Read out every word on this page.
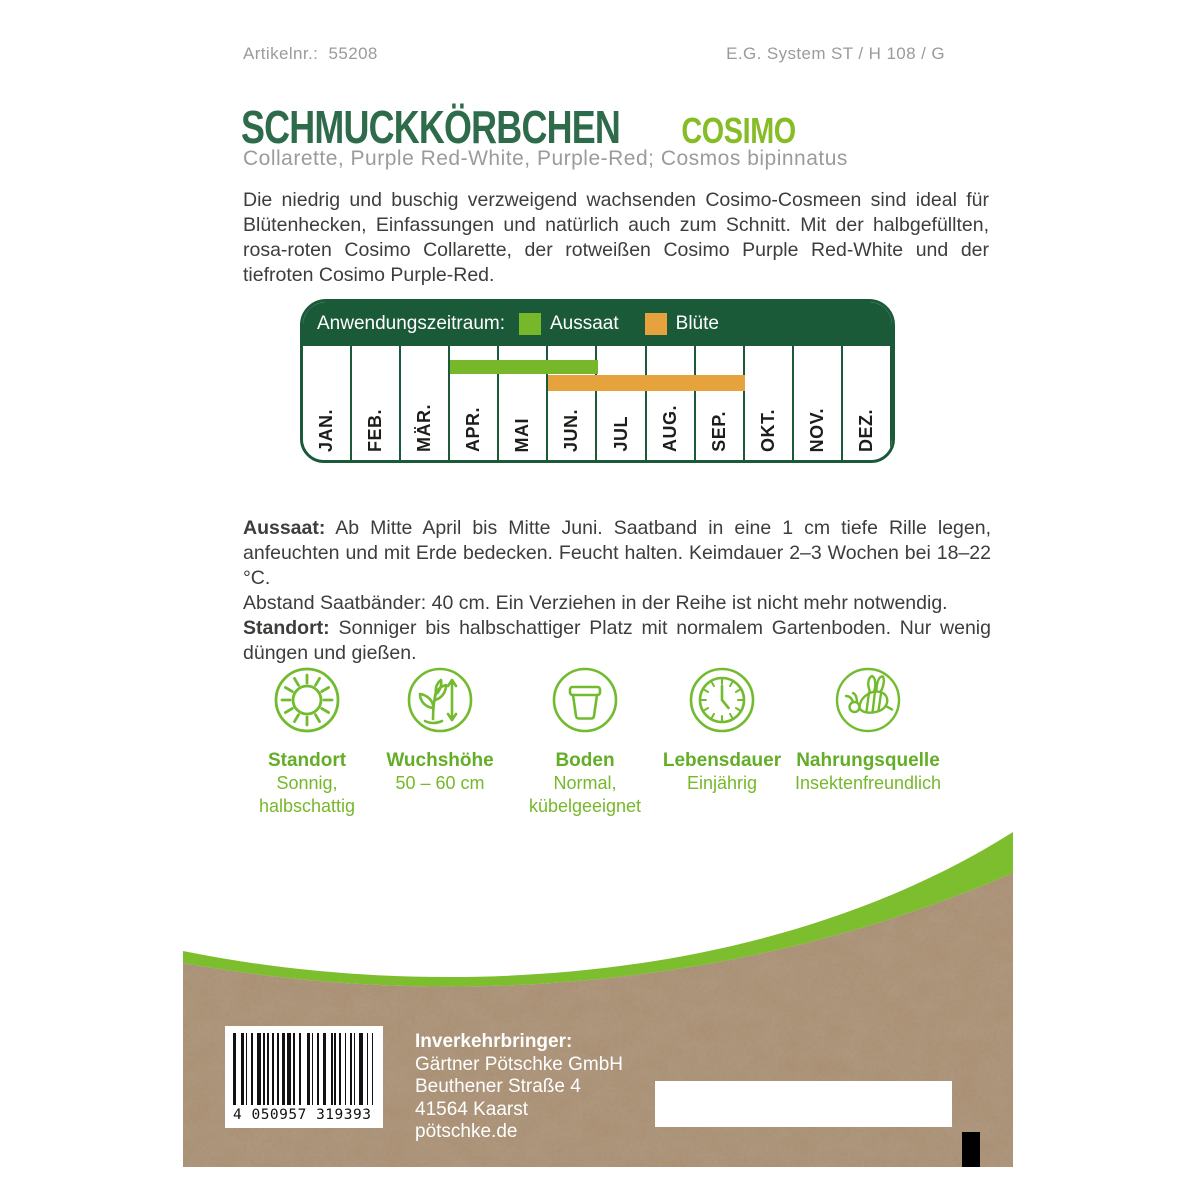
Artikelnr.: 55208	E.G. System ST / H 108 / G
SCHMUCKKÖRBCHEN COSIMO
Collarette, Purple Red-White, Purple-Red; Cosmos bipinnatus

Die niedrig und buschig verzweigend wachsenden Cosimo-Cosmeen sind ideal für Blütenhecken, Einfassungen und natürlich auch zum Schnitt. Mit der halbgefüllten, rosa-roten Cosimo Collarette, der rotweißen Cosimo Purple Red-White und der tiefroten Cosimo Purple-Red.

Anwendungszeitraum: Aussaat	Blüte
JAN. FEB. MÄR. APR. MAI JUN. JUL AUG. SEP. OKT. NOV. DEZ.

Aussaat: Ab Mitte April bis Mitte Juni. Saatband in eine 1 cm tiefe Rille legen, anfeuchten und mit Erde bedecken. Feucht halten. Keimdauer 2–3 Wochen bei 18–22 °C.

Abstand Saatbänder: 40 cm. Ein Verziehen in der Reihe ist nicht mehr notwendig.

Standort: Sonniger bis halbschattiger Platz mit normalem Gartenboden. Nur wenig düngen und gießen.

Standort
Sonnig, halbschattig
Wuchshöhe
50 – 60 cm
Boden
Normal, kübelgeeignet
Lebensdauer
Einjährig
Nahrungsquelle
Insektenfreundlich
4 050957 319393
Inverkehrbringer:
Gärtner Pötschke GmbH
Beuthener Straße 4
41564 Kaarst
pötschke.de
